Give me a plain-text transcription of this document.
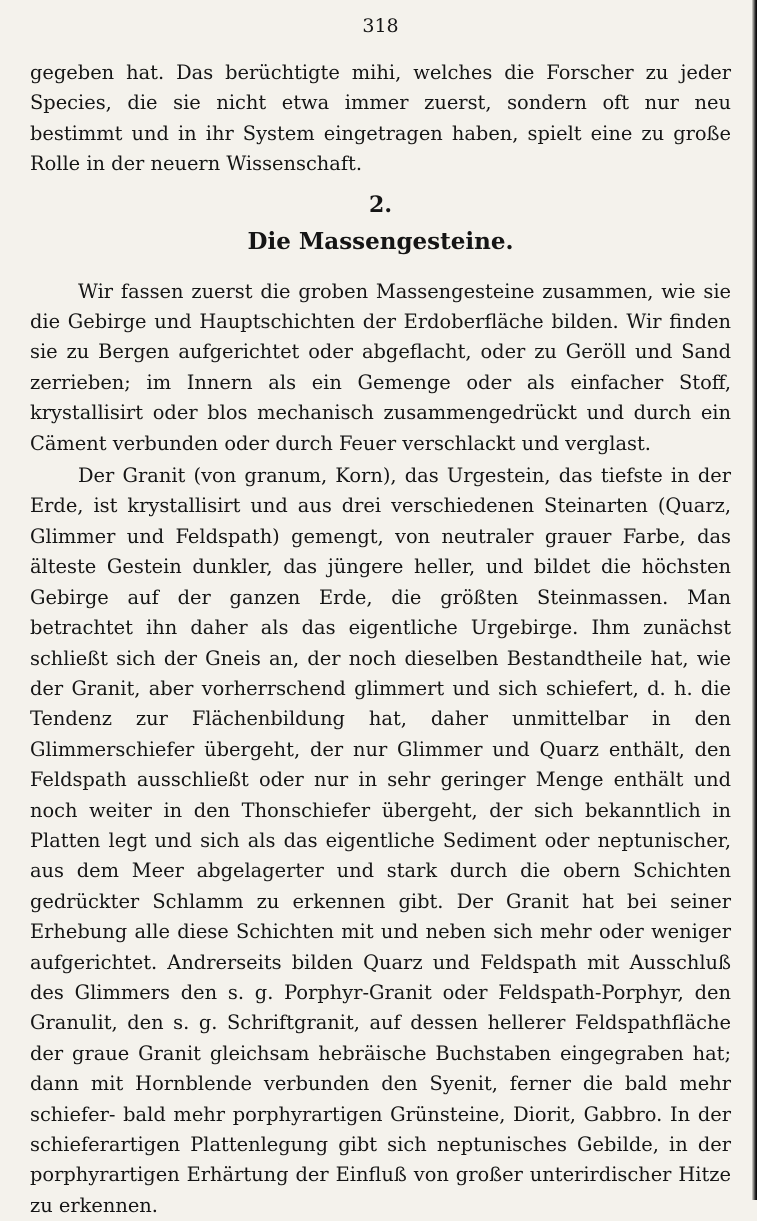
318

gegeben hat. Das berüchtigte mihi, welches die Forscher zu jeder Species, die sie nicht etwa immer zuerst, sondern oft nur neu bestimmt und in ihr System eingetragen haben, spielt eine zu große Rolle in der neuern Wissenschaft.

2.
Die Massengesteine.

Wir fassen zuerst die groben Massengesteine zusammen, wie sie die Gebirge und Hauptschichten der Erdoberfläche bilden. Wir finden sie zu Bergen aufgerichtet oder abgeflacht, oder zu Geröll und Sand zerrieben; im Innern als ein Gemenge oder als einfacher Stoff, krystallisirt oder blos mechanisch zusammengedrückt und durch ein Cäment verbunden oder durch Feuer verschlackt und verglast.

Der Granit (von granum, Korn), das Urgestein, das tiefste in der Erde, ist krystallisirt und aus drei verschiedenen Steinarten (Quarz, Glimmer und Feldspath) gemengt, von neutraler grauer Farbe, das älteste Gestein dunkler, das jüngere heller, und bildet die höchsten Gebirge auf der ganzen Erde, die größten Steinmassen. Man betrachtet ihn daher als das eigentliche Urgebirge. Ihm zunächst schließt sich der Gneis an, der noch dieselben Bestandtheile hat, wie der Granit, aber vorherrschend glimmert und sich schiefert, d. h. die Tendenz zur Flächenbildung hat, daher unmittelbar in den Glimmerschiefer übergeht, der nur Glimmer und Quarz enthält, den Feldspath ausschließt oder nur in sehr geringer Menge enthält und noch weiter in den Thonschiefer übergeht, der sich bekanntlich in Platten legt und sich als das eigentliche Sediment oder neptunischer, aus dem Meer abgelagerter und stark durch die obern Schichten gedrückter Schlamm zu erkennen gibt. Der Granit hat bei seiner Erhebung alle diese Schichten mit und neben sich mehr oder weniger aufgerichtet. Andrerseits bilden Quarz und Feldspath mit Ausschluß des Glimmers den s. g. Porphyr-Granit oder Feldspath-Porphyr, den Granulit, den s. g. Schriftgranit, auf dessen hellerer Feldspathfläche der graue Granit gleichsam hebräische Buchstaben eingegraben hat; dann mit Hornblende verbunden den Syenit, ferner die bald mehr schiefer- bald mehr porphyrartigen Grünsteine, Diorit, Gabbro. In der schieferartigen Plattenlegung gibt sich neptunisches Gebilde, in der porphyrartigen Erhärtung der Einfluß von großer unterirdischer Hitze zu erkennen.
